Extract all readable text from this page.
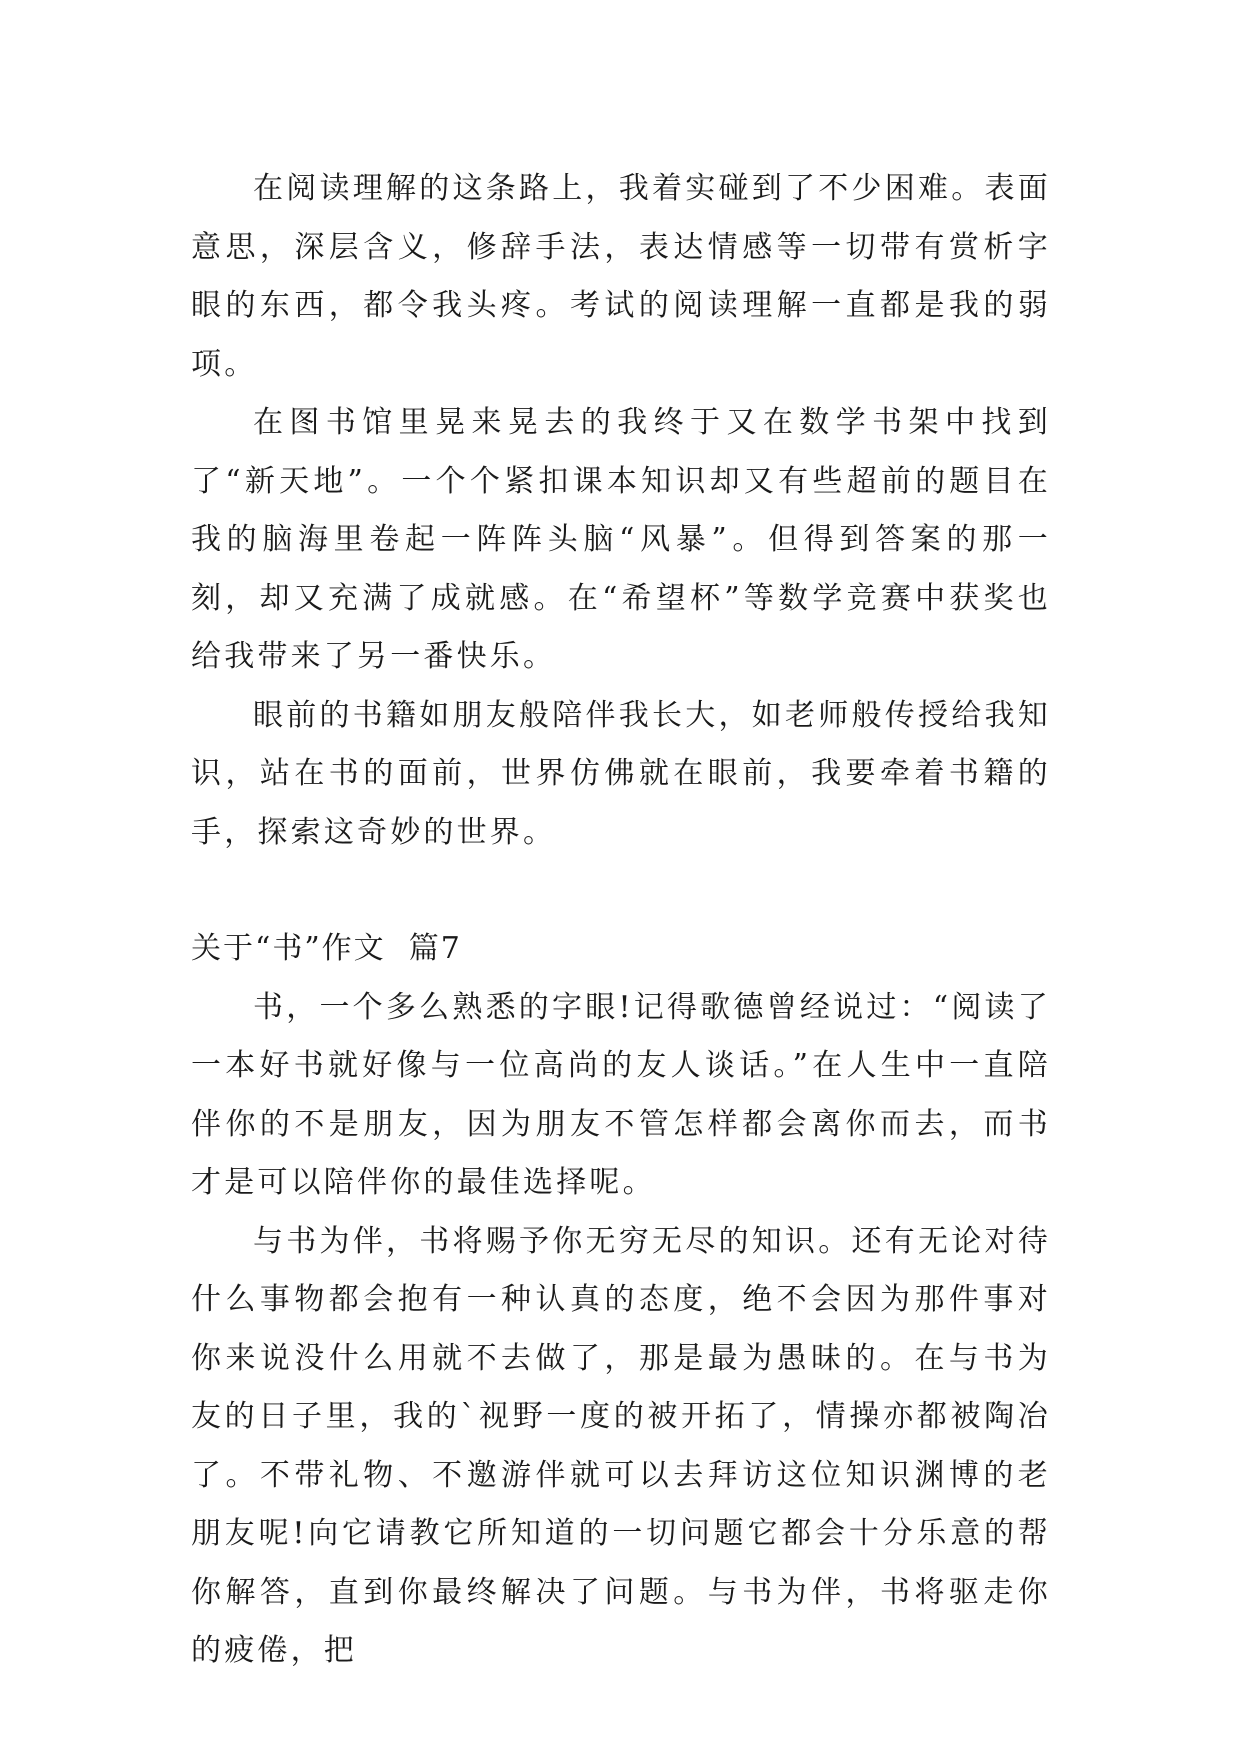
在阅读理解的这条路上，我着实碰到了不少困难。表面意思，深层含义，修辞手法，表达情感等一切带有赏析字眼的东西，都令我头疼。考试的阅读理解一直都是我的弱项。

在图书馆里晃来晃去的我终于又在数学书架中找到了“新天地”。一个个紧扣课本知识却又有些超前的题目在我的脑海里卷起一阵阵头脑“风暴”。但得到答案的那一刻，却又充满了成就感。在“希望杯”等数学竞赛中获奖也给我带来了另一番快乐。

眼前的书籍如朋友般陪伴我长大，如老师般传授给我知识，站在书的面前，世界仿佛就在眼前，我要牵着书籍的手，探索这奇妙的世界。

关于“书”作文  篇7

书，一个多么熟悉的字眼!记得歌德曾经说过：“阅读了一本好书就好像与一位高尚的友人谈话。”在人生中一直陪伴你的不是朋友，因为朋友不管怎样都会离你而去，而书才是可以陪伴你的最佳选择呢。

与书为伴，书将赐予你无穷无尽的知识。还有无论对待什么事物都会抱有一种认真的态度，绝不会因为那件事对你来说没什么用就不去做了，那是最为愚昧的。在与书为友的日子里，我的`视野一度的被开拓了，情操亦都被陶冶了。不带礼物、不邀游伴就可以去拜访这位知识渊博的老朋友呢!向它请教它所知道的一切问题它都会十分乐意的帮你解答，直到你最终解决了问题。与书为伴，书将驱走你的疲倦，把
